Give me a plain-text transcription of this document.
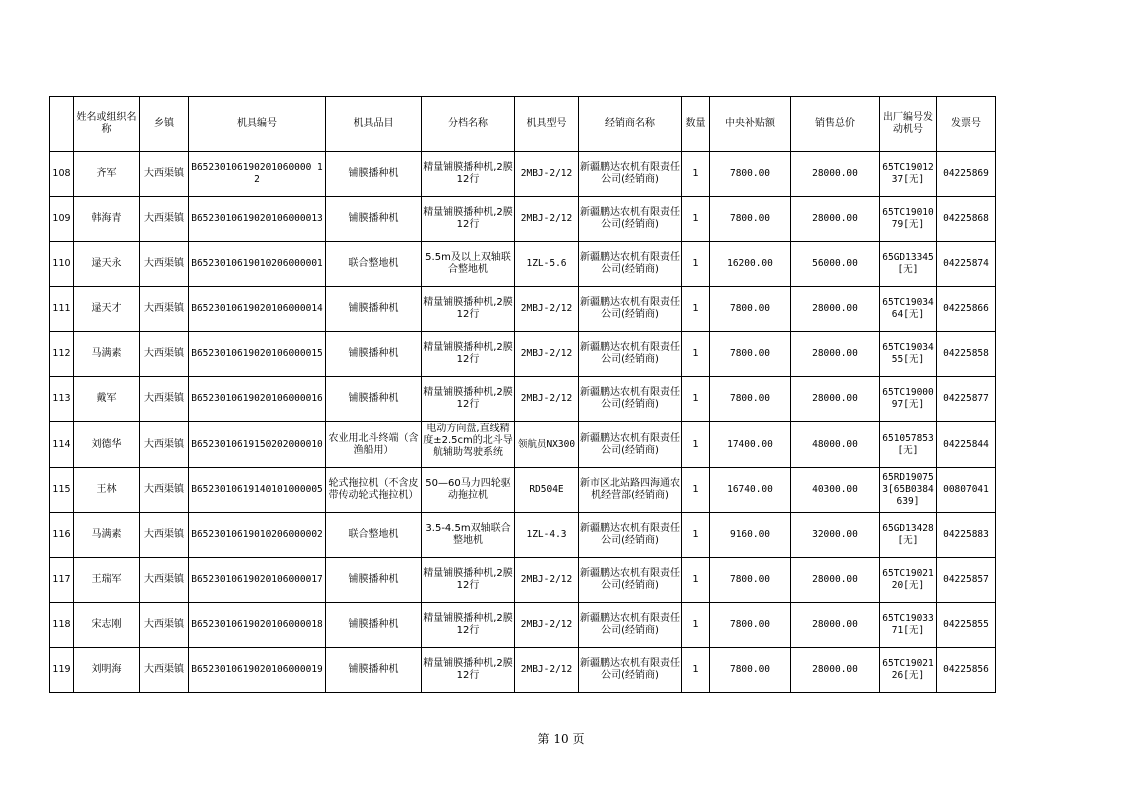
	姓名或组织名称	乡镇	机具编号	机具品目	分档名称	机具型号	经销商名称	数量	中央补贴额	销售总价	出厂编号发动机号	发票号
108	齐军	大西渠镇	B65230106190201060000 12	铺膜播种机	精量铺膜播种机,2膜12行	2MBJ-2/12	新疆鹏达农机有限责任公司(经销商)	1	7800.00	28000.00	65TC1901237[无]	04225869
109	韩海青	大西渠镇	B6523010619020106000013	铺膜播种机	精量铺膜播种机,2膜12行	2MBJ-2/12	新疆鹏达农机有限责任公司(经销商)	1	7800.00	28000.00	65TC1901079[无]	04225868
110	逯天永	大西渠镇	B6523010619010206000001	联合整地机	5.5m及以上双轴联合整地机	1ZL-5.6	新疆鹏达农机有限责任公司(经销商)	1	16200.00	56000.00	65GD13345[无]	04225874
111	逯天才	大西渠镇	B6523010619020106000014	铺膜播种机	精量铺膜播种机,2膜12行	2MBJ-2/12	新疆鹏达农机有限责任公司(经销商)	1	7800.00	28000.00	65TC1903464[无]	04225866
112	马满素	大西渠镇	B6523010619020106000015	铺膜播种机	精量铺膜播种机,2膜12行	2MBJ-2/12	新疆鹏达农机有限责任公司(经销商)	1	7800.00	28000.00	65TC1903455[无]	04225858
113	戴军	大西渠镇	B6523010619020106000016	铺膜播种机	精量铺膜播种机,2膜12行	2MBJ-2/12	新疆鹏达农机有限责任公司(经销商)	1	7800.00	28000.00	65TC1900097[无]	04225877
114	刘德华	大西渠镇	B6523010619150202000010	农业用北斗终端（含渔船用）	电动方向盘,直线精度±2.5cm的北斗导航辅助驾驶系统	领航员NX300	新疆鹏达农机有限责任公司(经销商)	1	17400.00	48000.00	651057853[无]	04225844
115	王林	大西渠镇	B6523010619140101000005	轮式拖拉机（不含皮带传动轮式拖拉机）	50—60马力四轮驱动拖拉机	RD504E	新市区北站路四海通农机经营部(经销商)	1	16740.00	40300.00	65RD190753[65B0384639]	00807041
116	马满素	大西渠镇	B6523010619010206000002	联合整地机	3.5-4.5m双轴联合整地机	1ZL-4.3	新疆鹏达农机有限责任公司(经销商)	1	9160.00	32000.00	65GD13428[无]	04225883
117	王瑞军	大西渠镇	B6523010619020106000017	铺膜播种机	精量铺膜播种机,2膜12行	2MBJ-2/12	新疆鹏达农机有限责任公司(经销商)	1	7800.00	28000.00	65TC1902120[无]	04225857
118	宋志刚	大西渠镇	B6523010619020106000018	铺膜播种机	精量铺膜播种机,2膜12行	2MBJ-2/12	新疆鹏达农机有限责任公司(经销商)	1	7800.00	28000.00	65TC1903371[无]	04225855
119	刘明海	大西渠镇	B6523010619020106000019	铺膜播种机	精量铺膜播种机,2膜12行	2MBJ-2/12	新疆鹏达农机有限责任公司(经销商)	1	7800.00	28000.00	65TC1902126[无]	04225856
第 10 页
